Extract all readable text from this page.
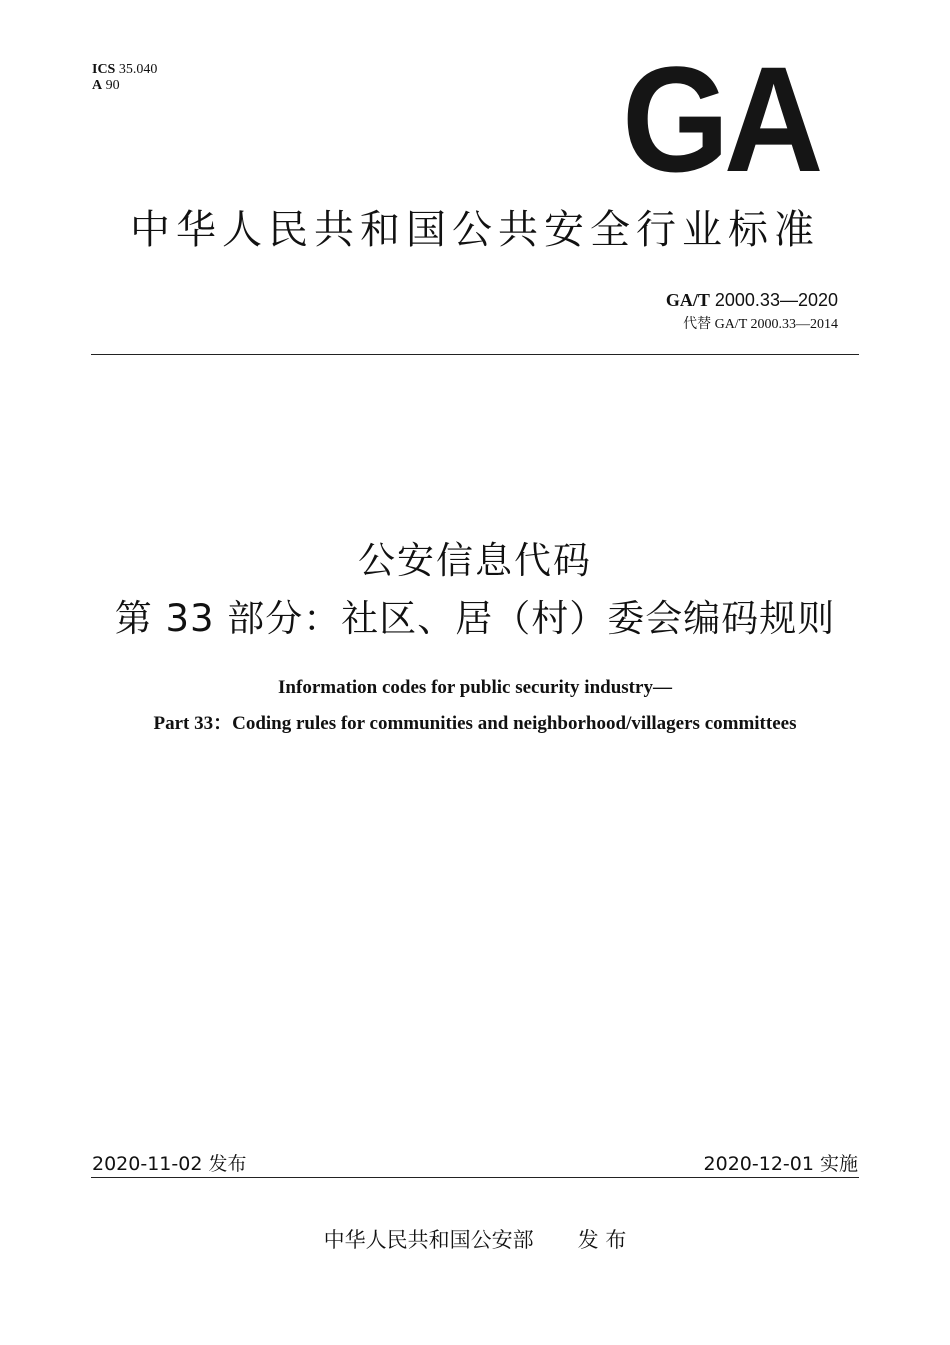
ICS 35.040
A 90	GA
中华人民共和国公共安全行业标准
GA/T 2000.33—2020
代替 GA/T 2000.33—2014
公安信息代码
第 33 部分：社区、居（村）委会编码规则
Information codes for public security industry—
Part 33：Coding rules for communities and neighborhood/villagers committees
2020-11-02 发布	2020-12-01 实施
中华人民共和国公安部 发 布
